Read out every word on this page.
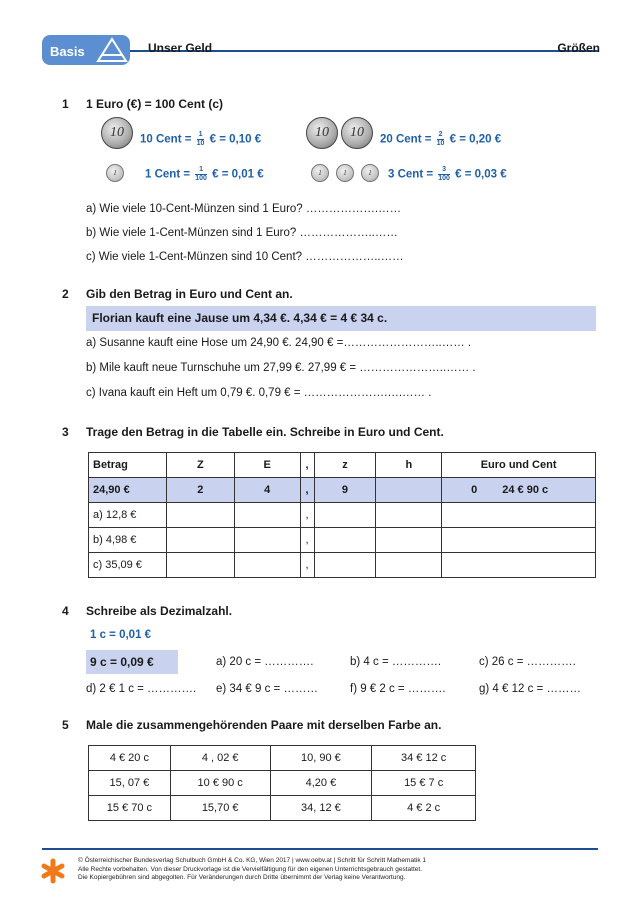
Basis	Unser Geld	Größen
1 1 Euro (€) = 100 Cent (c)
10	10 Cent = $\frac{1}{10}$ € = 0,10 €	10	10	20 Cent = $\frac{2}{10}$ € = 0,20 €
1	1 Cent = $\frac{1}{100}$ € = 0,01 €	1	1	1	3 Cent = $\frac{3}{100}$ € = 0,03 €
a) Wie viele 10-Cent-Münzen sind 1 Euro? ……………….……
b) Wie viele 1-Cent-Münzen sind 1 Euro? ………………..……
c) Wie viele 1-Cent-Münzen sind 10 Cent? ………………..……
2 Gib den Betrag in Euro und Cent an.
Florian kauft eine Jause um 4,34 €. 4,34 € = 4 € 34 c.
a) Susanne kauft eine Hose um 24,90 €. 24,90 € =……………………..…… .
b) Mile kauft neue Turnschuhe um 27,99 €. 27,99 € = …………………..…… .
c) Ivana kauft ein Heft um 0,79 €. 0,79 € = ………………….….…… .
3 Trage den Betrag in die Tabelle ein. Schreibe in Euro und Cent.
Betrag	Z	E	,	z	h	Euro und Cent
24,90 €	2	4	,	9		0 24 € 90 c
a) 12,8 €			,			
b) 4,98 €			,			
c) 35,09 €			,			
4 Schreibe als Dezimalzahl.
1 c = 0,01 €
9 c = 0,09 €	a) 20 c = ………….	b) 4 c = ………….	c) 26 c = ………….
d) 2 € 1 c = …………. e) 34 € 9 c = ………	f) 9 € 2 c = ……….	g) 4 € 12 c = ………
5 Male die zusammengehörenden Paare mit derselben Farbe an.
4 € 20 c	4 , 02 €	10, 90 €	34 € 12 c
15, 07 €	10 € 90 c	4,20 €	15 € 7 c
15 € 70 c	15,70 €	34, 12 €	4 € 2 c
© Österreichischer Bundesverlag Schulbuch GmbH & Co. KG, Wien 2017 | www.oebv.at | Schritt für Schritt Mathematik 1
Alle Rechte vorbehalten. Von dieser Druckvorlage ist die Vervielfältigung für den eigenen Unterrichtsgebrauch gestattet.
Die Kopiergebühren sind abgegolten. Für Veränderungen durch Dritte übernimmt der Verlag keine Verantwortung.
